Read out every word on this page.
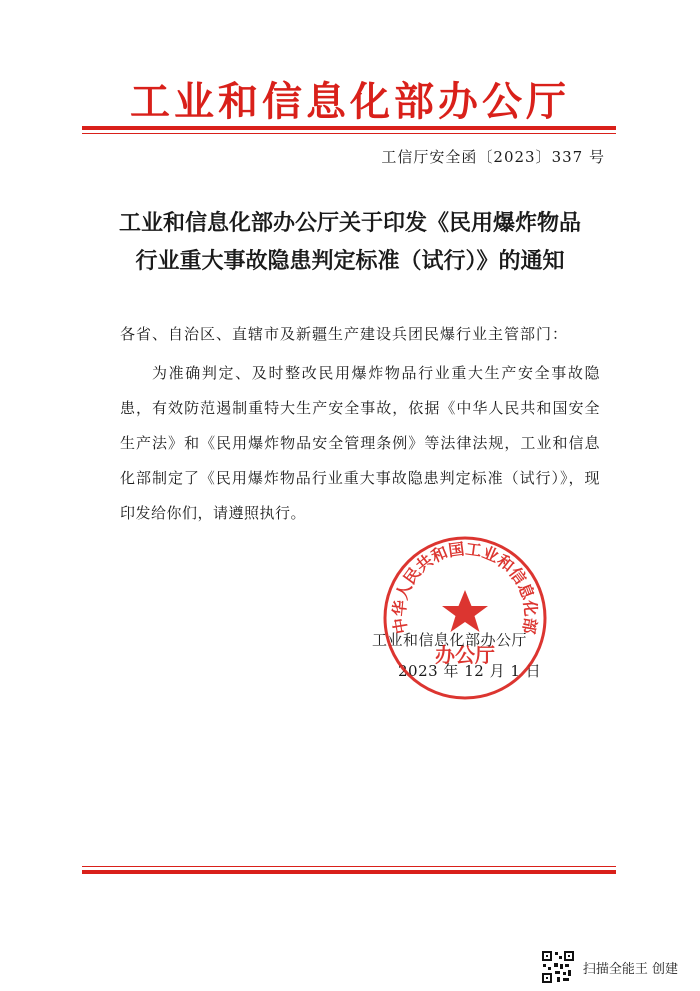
工业和信息化部办公厅
工信厅安全函〔2023〕337 号
工业和信息化部办公厅关于印发《民用爆炸物品
行业重大事故隐患判定标准（试行）》的通知
各省、自治区、直辖市及新疆生产建设兵团民爆行业主管部门：
为准确判定、及时整改民用爆炸物品行业重大生产安全事故隐患，有效防范遏制重特大生产安全事故，依据《中华人民共和国安全生产法》和《民用爆炸物品安全管理条例》等法律法规，工业和信息化部制定了《民用爆炸物品行业重大事故隐患判定标准（试行）》，现印发给你们，请遵照执行。
工业和信息化部办公厅
2023 年 12 月 1 日
中华人民共和国工业和信息化部
办公厅
扫描全能王 创建
